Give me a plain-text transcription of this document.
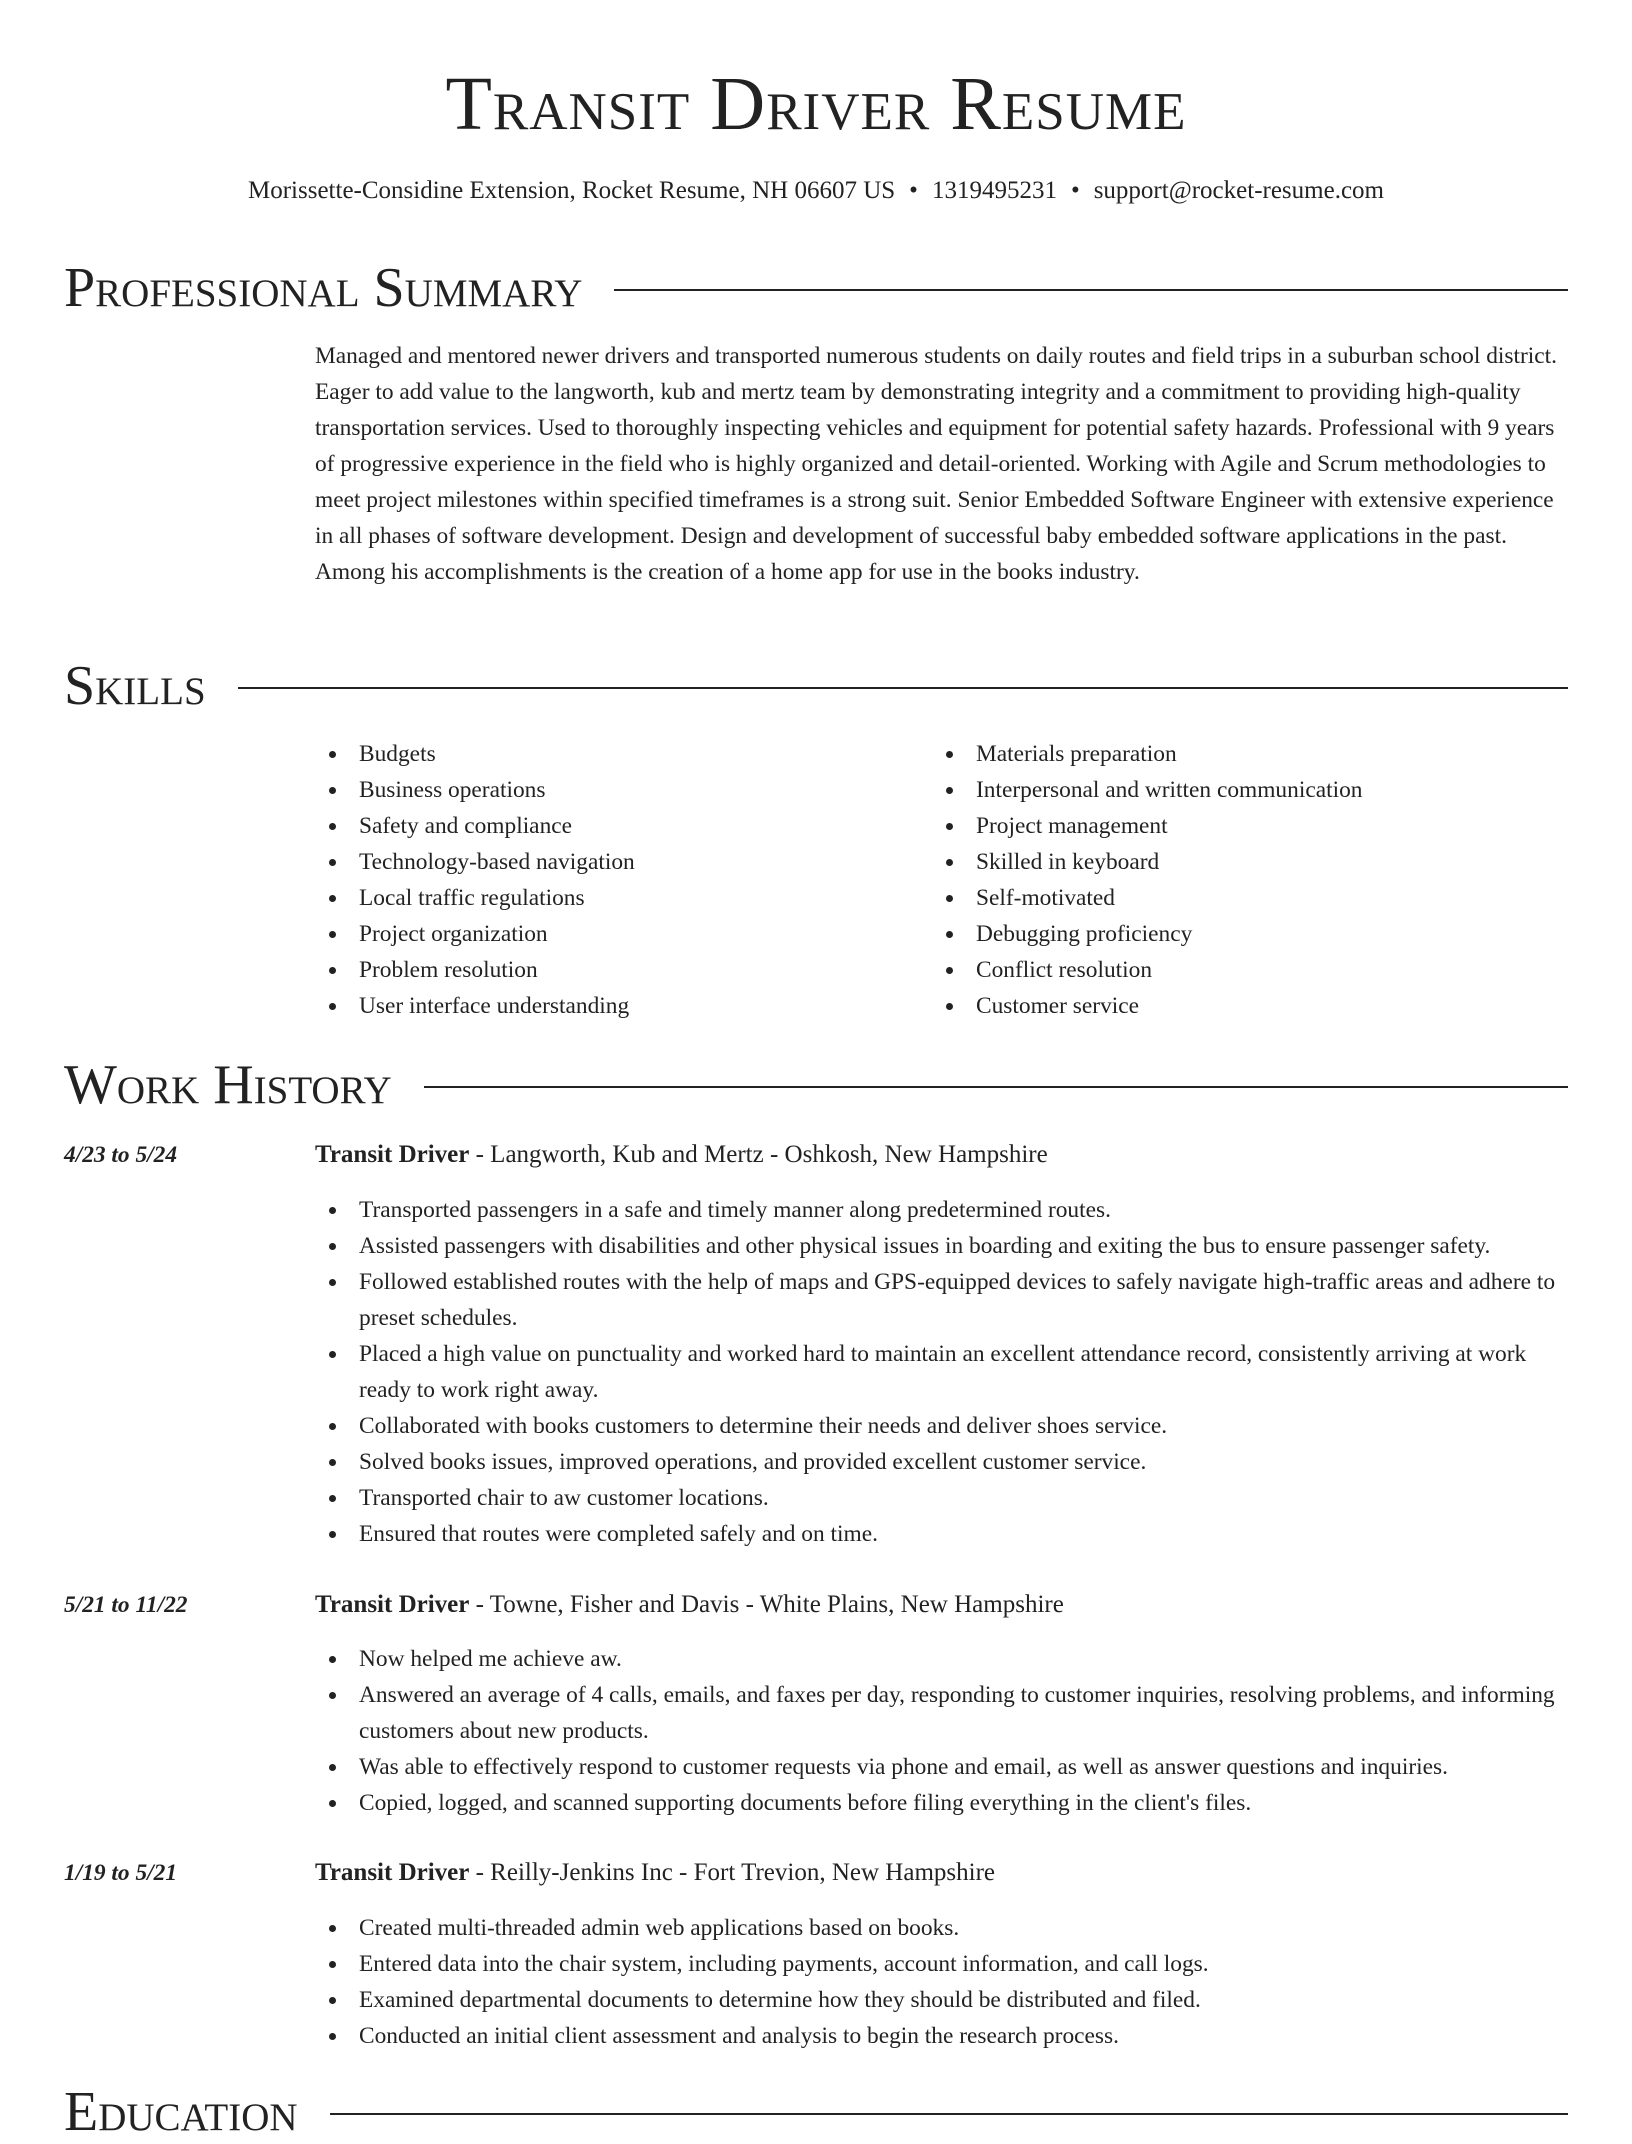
Transit Driver Resume
Morissette-Considine Extension, Rocket Resume, NH 06607 US • 1319495231 • support@rocket-resume.com
Professional Summary

Managed and mentored newer drivers and transported numerous students on daily routes and field trips in a suburban school district. Eager to add value to the langworth, kub and mertz team by demonstrating integrity and a commitment to providing high-quality transportation services. Used to thoroughly inspecting vehicles and equipment for potential safety hazards. Professional with 9 years of progressive experience in the field who is highly organized and detail-oriented. Working with Agile and Scrum methodologies to meet project milestones within specified timeframes is a strong suit. Senior Embedded Software Engineer with extensive experience in all phases of software development. Design and development of successful baby embedded software applications in the past. Among his accomplishments is the creation of a home app for use in the books industry.

Skills
Budgets
Business operations
Safety and compliance
Technology-based navigation
Local traffic regulations
Project organization
Problem resolution
User interface understanding
Materials preparation
Interpersonal and written communication
Project management
Skilled in keyboard
Self-motivated
Debugging proficiency
Conflict resolution
Customer service
Work History
4/23 to 5/24	Transit Driver - Langworth, Kub and Mertz - Oshkosh, New Hampshire
Transported passengers in a safe and timely manner along predetermined routes.
Assisted passengers with disabilities and other physical issues in boarding and exiting the bus to ensure passenger safety.
Followed established routes with the help of maps and GPS-equipped devices to safely navigate high-traffic areas and adhere to preset schedules.
Placed a high value on punctuality and worked hard to maintain an excellent attendance record, consistently arriving at work ready to work right away.
Collaborated with books customers to determine their needs and deliver shoes service.
Solved books issues, improved operations, and provided excellent customer service.
Transported chair to aw customer locations.
Ensured that routes were completed safely and on time.
5/21 to 11/22	Transit Driver - Towne, Fisher and Davis - White Plains, New Hampshire
Now helped me achieve aw.
Answered an average of 4 calls, emails, and faxes per day, responding to customer inquiries, resolving problems, and informing customers about new products.
Was able to effectively respond to customer requests via phone and email, as well as answer questions and inquiries.
Copied, logged, and scanned supporting documents before filing everything in the client's files.
1/19 to 5/21	Transit Driver - Reilly-Jenkins Inc - Fort Trevion, New Hampshire
Created multi-threaded admin web applications based on books.
Entered data into the chair system, including payments, account information, and call logs.
Examined departmental documents to determine how they should be distributed and filed.
Conducted an initial client assessment and analysis to begin the research process.
Education
